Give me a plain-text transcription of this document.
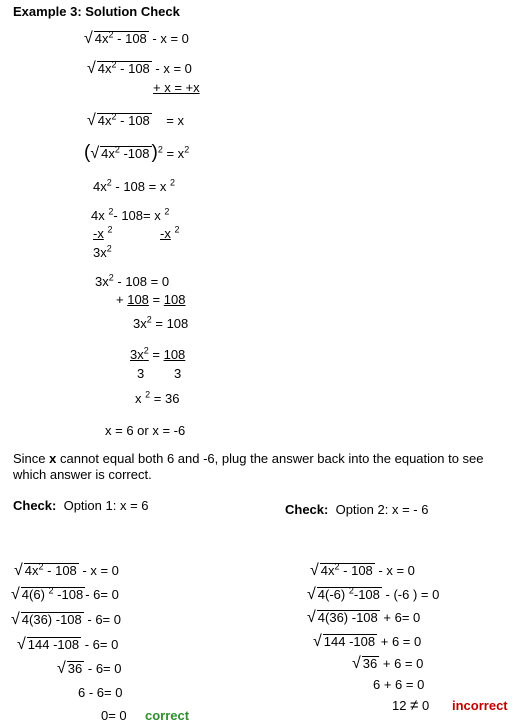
Example 3: Solution Check
√ $4x^2 - 108 - x = 0$
√ $4x^2 - 108 - x = 0$
+ x = +x
√ $4x^2 - 108 = x$
(√ $4x^2$ -108 )$^2 = x^2$
$4x^2 - 108 = x$ $^2$
4x $^2$- 108= x $^2$
-x $^2$	-x $^2$
$3x^2$
$3x^2 - 108 = 0$
+ 108 = 108
$3x^2 = 108$
$3x^2 = 108$
3 3
x $^2$ = 36
x = 6 or x = -6
Since x cannot equal both 6 and -6, plug the answer back into the equation to see which answer is correct.
Check: Option 1: x = 6	Check: Option 2: x = - 6
√ $4x^2 - 108 - x = 0$
√ 4(6) $^2$ -108 - 6= 0
√ 4(36) -108 - 6= 0
√ 144 -108 - 6= 0
√ 36 - 6= 0
6 - 6= 0
0= 0 correct
√ $4x^2 - 108 - x = 0$
√ 4(-6) $^2$-108 - (-6 ) = 0
√ 4(36) -108 + 6= 0
√ 144 -108 + 6 = 0
√ 36 + 6 = 0
6 + 6 = 0
12 ≠ 0 incorrect
